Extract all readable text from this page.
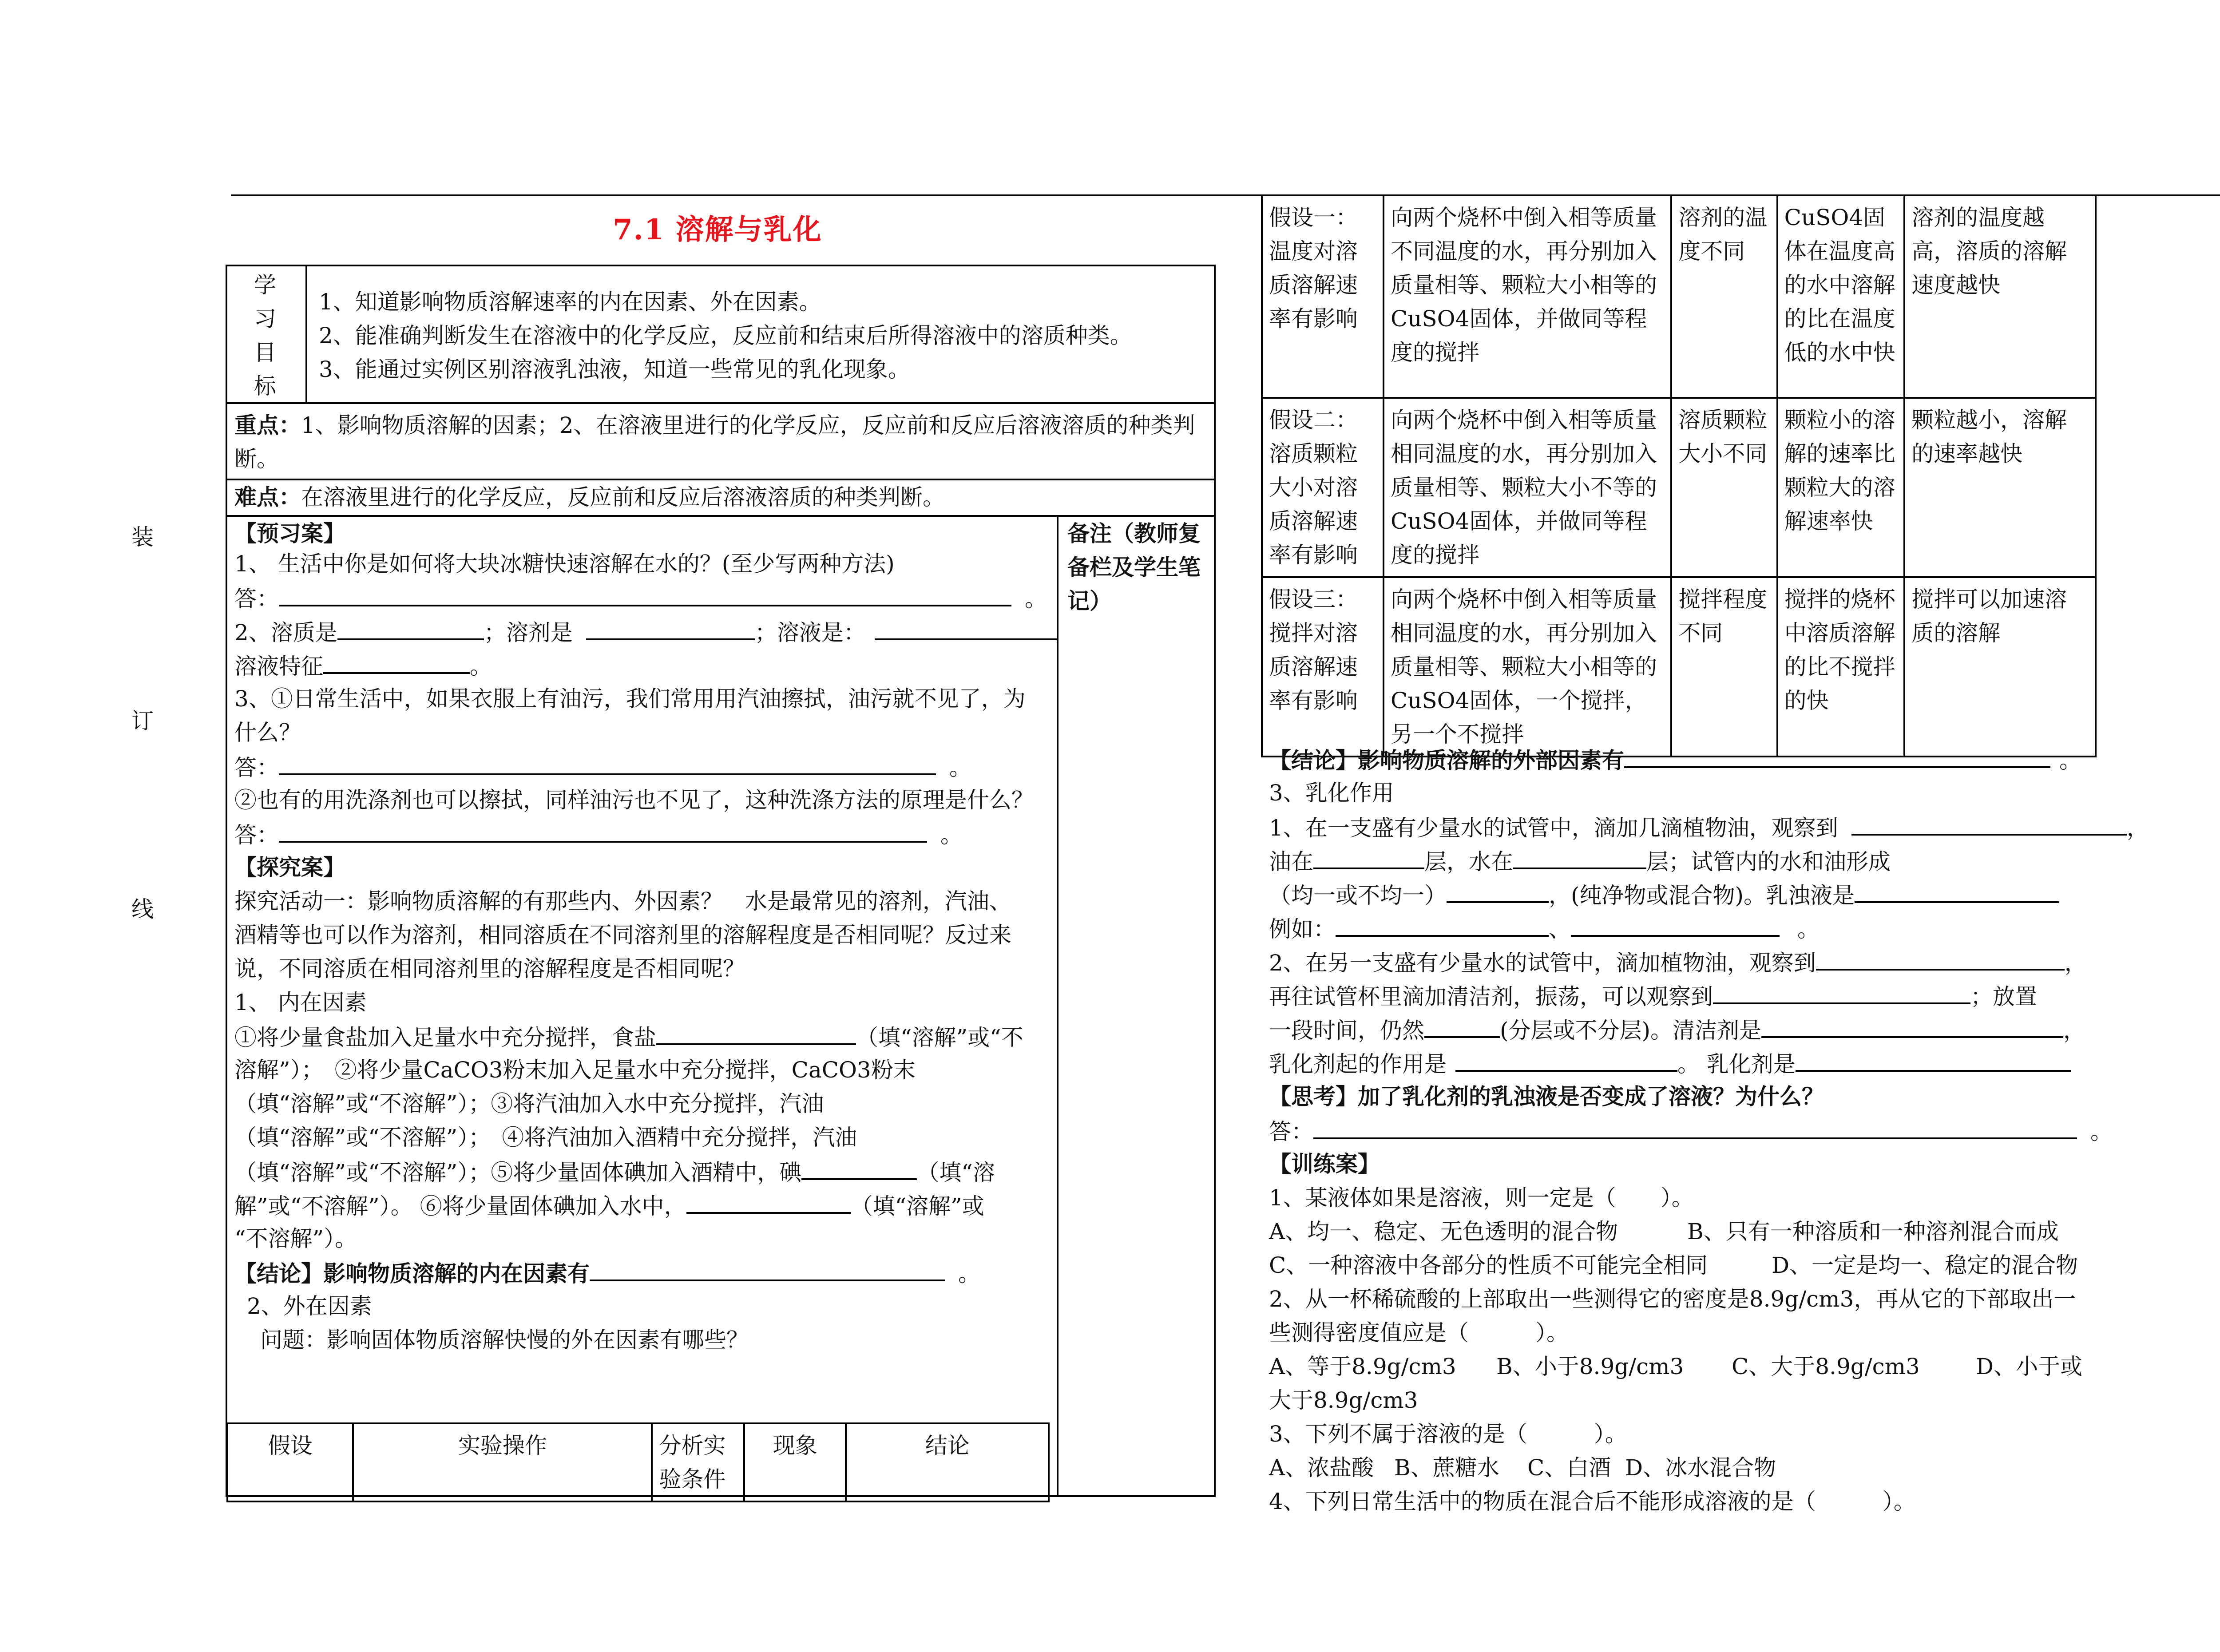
7.1 溶解与乳化
装
订
线
学
习
目
标
1、知道影响物质溶解速率的内在因素、外在因素。
2、能准确判断发生在溶液中的化学反应，反应前和结束后所得溶液中的溶质种类。
3、能通过实例区别溶液乳浊液，知道一些常见的乳化现象。
重点：1、影响物质溶解的因素；2、在溶液里进行的化学反应，反应前和反应后溶液溶质的种类判
断。
难点：在溶液里进行的化学反应，反应前和反应后溶液溶质的种类判断。
备注（教师复
备栏及学生笔
记）
【预习案】
1、 生活中你是如何将大块冰糖快速溶解在水的？(至少写两种方法)
答：	。
2、溶质是	；溶剂是	；溶液是：
溶液特征	。
3、①日常生活中，如果衣服上有油污，我们常用用汽油擦拭，油污就不见了，为
什么？
答：	。
②也有的用洗涤剂也可以擦拭，同样油污也不见了，这种洗涤方法的原理是什么？
答：	。
【探究案】
探究活动一：影响物质溶解的有那些内、外因素？　水是最常见的溶剂，汽油、
酒精等也可以作为溶剂，相同溶质在不同溶剂里的溶解程度是否相同呢？反过来
说，不同溶质在相同溶剂里的溶解程度是否相同呢？
1、 内在因素
①将少量食盐加入足量水中充分搅拌，食盐	（填“溶解”或“不
溶解”）；　②将少量CaCO3粉末加入足量水中充分搅拌，CaCO3粉末
（填“溶解”或“不溶解”）；③将汽油加入水中充分搅拌，汽油
（填“溶解”或“不溶解”）；　④将汽油加入酒精中充分搅拌，汽油
（填“溶解”或“不溶解”）；⑤将少量固体碘加入酒精中，碘	（填“溶
解”或“不溶解”）。 ⑥将少量固体碘加入水中，	（填“溶解”或
“不溶解”）。
【结论】影响物质溶解的内在因素有	。
2、外在因素
问题：影响固体物质溶解快慢的外在因素有哪些？
假设	实验操作	分析实验条件	现象	结论
假设一：温度对溶质溶解速率有影响	向两个烧杯中倒入相等质量不同温度的水，再分别加入质量相等、颗粒大小相等的CuSO4固体，并做同等程度的搅拌	溶剂的温度不同	CuSO4固体在温度高的水中溶解的比在温度低的水中快	溶剂的温度越高，溶质的溶解速度越快
假设二：溶质颗粒大小对溶质溶解速率有影响	向两个烧杯中倒入相等质量相同温度的水，再分别加入质量相等、颗粒大小不等的CuSO4固体，并做同等程度的搅拌	溶质颗粒大小不同	颗粒小的溶解的速率比颗粒大的溶解速率快	颗粒越小，溶解的速率越快
假设三：搅拌对溶质溶解速率有影响	向两个烧杯中倒入相等质量相同温度的水，再分别加入质量相等、颗粒大小相等的CuSO4固体，一个搅拌，另一个不搅拌	搅拌程度不同	搅拌的烧杯中溶质溶解的比不搅拌的快	搅拌可以加速溶质的溶解
【结论】影响物质溶解的外部因素有	。
3、乳化作用
1、在一支盛有少量水的试管中，滴加几滴植物油，观察到	，
油在	层，水在	层；试管内的水和油形成
（均一或不均一）	，(纯净物或混合物)。乳浊液是
例如：	、	。
2、在另一支盛有少量水的试管中，滴加植物油，观察到	，
再往试管杯里滴加清洁剂，振荡，可以观察到	；放置
一段时间，仍然	(分层或不分层)。清洁剂是	，
乳化剂起的作用是	。 乳化剂是
【思考】加了乳化剂的乳浊液是否变成了溶液？为什么？
答：	。
【训练案】
1、某液体如果是溶液，则一定是（　　）。
A、均一、稳定、无色透明的混合物	B、只有一种溶质和一种溶剂混合而成
C、一种溶液中各部分的性质不可能完全相同	D、一定是均一、稳定的混合物
2、从一杯稀硫酸的上部取出一些测得它的密度是8.9g/cm3，再从它的下部取出一
些测得密度值应是（　　　）。
A、等于8.9g/cm3 B、小于8.9g/cm3 C、大于8.9g/cm3	D、小于或
大于8.9g/cm3
3、下列不属于溶液的是（　　　）。
A、浓盐酸 B、蔗糖水 C、白酒 D、冰水混合物
4、下列日常生活中的物质在混合后不能形成溶液的是（　　　）。
